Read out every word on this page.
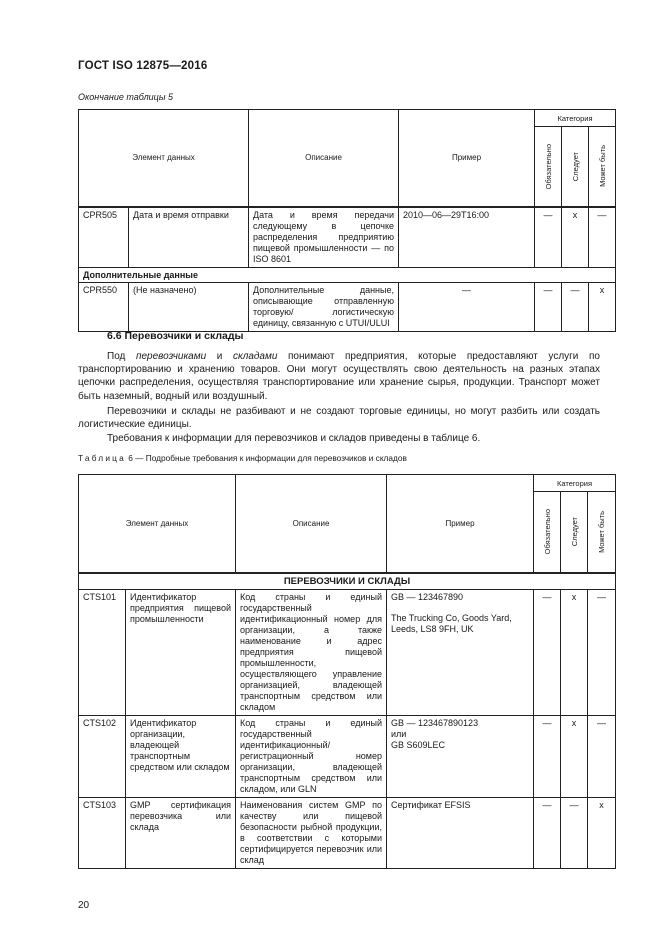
ГОСТ ISO 12875—2016
Окончание таблицы 5
Элемент данных		Описание	Пример	Категория		

				Обязательно	Следует	Может быть

CPR505	Дата и время отправки	Дата и время передачи следующему в цепочке распределения предприятию пищевой промышленности — по ISO 8601	2010—06—29T16:00	—	x	—
Дополнительные данные						
CPR550	(Не назначено)	Дополнительные данные, описывающие отправленную торговую/ логистическую единицу, связанную с UTUI/ULUI	—	—	—	x
6.6 Перевозчики и склады
Под перевозчиками и складами понимают предприятия, которые предоставляют услуги по транспортированию и хранению товаров. Они могут осуществлять свою деятельность на разных этапах цепочки распределения, осуществляя транспортирование или хранение сырья, продукции. Транспорт может быть наземный, водный или воздушный.
Перевозчики и склады не разбивают и не создают торговые единицы, но могут разбить или создать логистические единицы.
Требования к информации для перевозчиков и складов приведены в таблице 6.
Таблица 6 — Подробные требования к информации для перевозчиков и складов
Элемент данных		Описание	Пример	Категория		

				Обязательно	Следует	Может быть

ПЕРЕВОЗЧИКИ И СКЛАДЫ						
CTS101	Идентификатор предприятия пищевой промышленности	Код страны и единый государственный идентификационный номер для организации, а также наименование и адрес предприятия пищевой промышленности, осуществляющего управление организацией, владеющей транспортным средством или складом	GB — 123467890
The Trucking Co, Goods Yard, Leeds, LS8 9FH, UK	—	x	—
CTS102	Идентификатор организации, владеющей транспортным средством или складом	Код страны и единый государственный идентификационный/регистрационный номер организации, владеющей транспортным средством или складом, или GLN	GB — 123467890123
или
GB S609LEC	—	x	—
CTS103	GMP сертификация перевозчика или склада	Наименования систем GMP по качеству или пищевой безопасности рыбной продукции, в соответствии с которыми сертифицируется перевозчик или склад	Сертификат EFSIS	—	—	x
20
